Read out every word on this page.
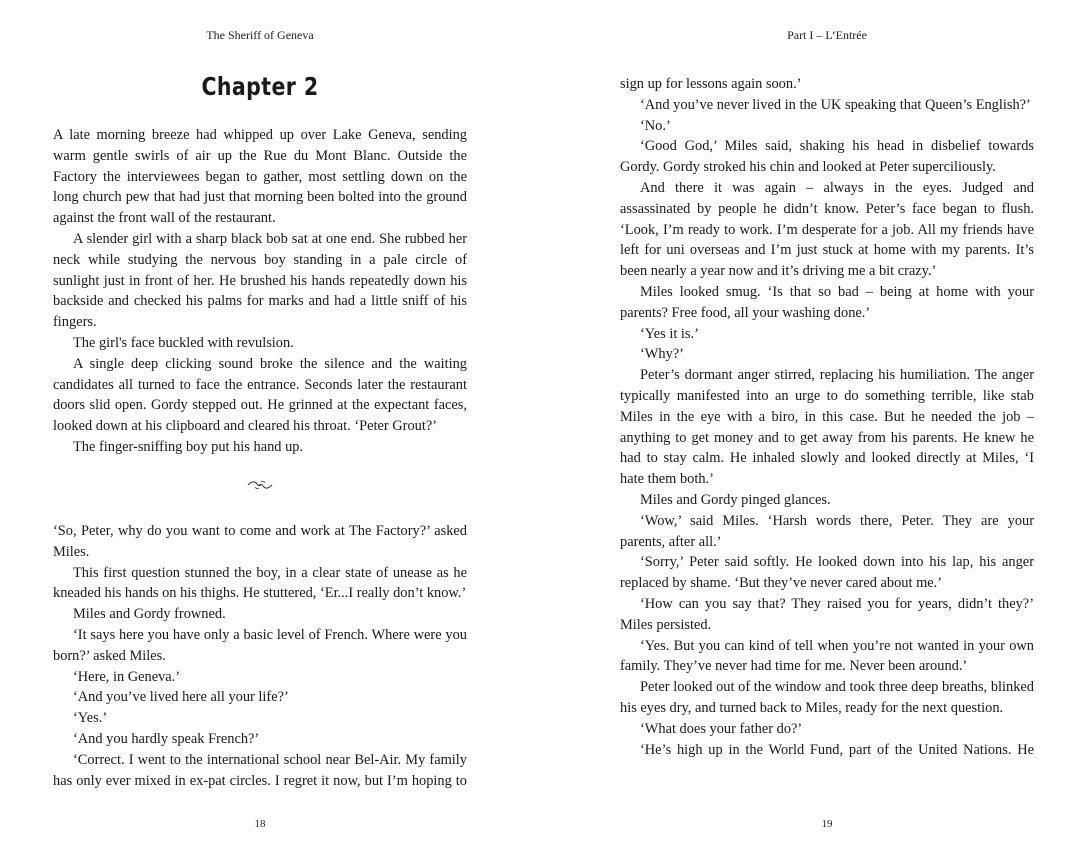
The Sheriff of Geneva
Chapter 2

A late morning breeze had whipped up over Lake Geneva, sending warm gentle swirls of air up the Rue du Mont Blanc. Outside the Factory the interviewees began to gather, most settling down on the long church pew that had just that morning been bolted into the ground against the front wall of the restaurant.

A slender girl with a sharp black bob sat at one end. She rubbed her neck while studying the nervous boy standing in a pale circle of sunlight just in front of her. He brushed his hands repeatedly down his backside and checked his palms for marks and had a little sniff of his fingers.

The girl's face buckled with revulsion.

A single deep clicking sound broke the silence and the waiting candidates all turned to face the entrance. Seconds later the restaurant doors slid open. Gordy stepped out. He grinned at the expectant faces, looked down at his clipboard and cleared his throat. ‘Peter Grout?’

The finger-sniffing boy put his hand up.

‘So, Peter, why do you want to come and work at The Factory?’ asked Miles.

This first question stunned the boy, in a clear state of unease as he kneaded his hands on his thighs. He stuttered, ‘Er...I really don’t know.’

Miles and Gordy frowned.

‘It says here you have only a basic level of French. Where were you born?’ asked Miles.

‘Here, in Geneva.’

‘And you’ve lived here all your life?’

‘Yes.’

‘And you hardly speak French?’

‘Correct. I went to the international school near Bel-Air. My family has only ever mixed in ex-pat circles. I regret it now, but I’m hoping to

18
Part I – L’Entrée

sign up for lessons again soon.’

‘And you’ve never lived in the UK speaking that Queen’s English?’

‘No.’

‘Good God,’ Miles said, shaking his head in disbelief towards Gordy. Gordy stroked his chin and looked at Peter superciliously.

And there it was again – always in the eyes. Judged and assassinated by people he didn’t know. Peter’s face began to flush. ‘Look, I’m ready to work. I’m desperate for a job. All my friends have left for uni overseas and I’m just stuck at home with my parents. It’s been nearly a year now and it’s driving me a bit crazy.’

Miles looked smug. ‘Is that so bad – being at home with your parents? Free food, all your washing done.’

‘Yes it is.’

‘Why?’

Peter’s dormant anger stirred, replacing his humiliation. The anger typically manifested into an urge to do something terrible, like stab Miles in the eye with a biro, in this case. But he needed the job – anything to get money and to get away from his parents. He knew he had to stay calm. He inhaled slowly and looked directly at Miles, ‘I hate them both.’

Miles and Gordy pinged glances.

‘Wow,’ said Miles. ‘Harsh words there, Peter. They are your parents, after all.’

‘Sorry,’ Peter said softly. He looked down into his lap, his anger replaced by shame. ‘But they’ve never cared about me.’

‘How can you say that? They raised you for years, didn’t they?’ Miles persisted.

‘Yes. But you can kind of tell when you’re not wanted in your own family. They’ve never had time for me. Never been around.’

Peter looked out of the window and took three deep breaths, blinked his eyes dry, and turned back to Miles, ready for the next question.

‘What does your father do?’

‘He’s high up in the World Fund, part of the United Nations. He

19
